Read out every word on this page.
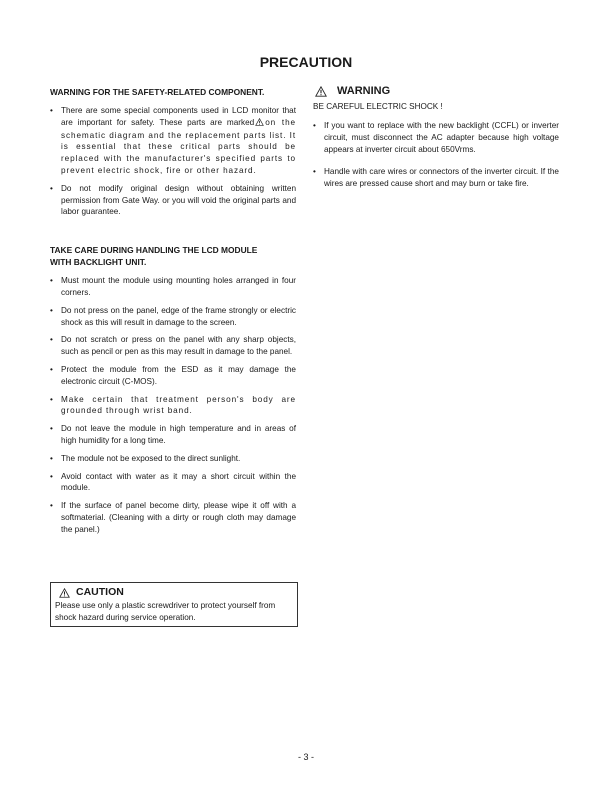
PRECAUTION

WARNING FOR THE SAFETY-RELATED COMPONENT.

• There are some special components used in LCD monitor that are important for safety. These parts are marked on the schematic diagram and the replacement parts list. It is essential that these critical parts should be replaced with the manufacturer's specified parts to prevent electric shock, fire or other hazard.
• Do not modify original design without obtaining written permission from Gate Way. or you will void the original parts and labor guarantee.

TAKE CARE DURING HANDLING THE LCD MODULE
WITH BACKLIGHT UNIT.

• Must mount the module using mounting holes arranged in four corners.
• Do not press on the panel, edge of the frame strongly or electric shock as this will result in damage to the screen.
• Do not scratch or press on the panel with any sharp objects, such as pencil or pen as this may result in damage to the panel.
• Protect the module from the ESD as it may damage the electronic circuit (C-MOS).
• Make certain that treatment person's body are grounded through wrist band.
• Do not leave the module in high temperature and in areas of high humidity for a long time.
• The module not be exposed to the direct sunlight.
• Avoid contact with water as it may a short circuit within the module.
• If the surface of panel become dirty, please wipe it off with a softmaterial. (Cleaning with a dirty or rough cloth may damage the panel.)
WARNING
BE CAREFUL ELECTRIC SHOCK !
• If you want to replace with the new backlight (CCFL) or inverter circuit, must disconnect the AC adapter because high voltage appears at inverter circuit about 650Vrms.
• Handle with care wires or connectors of the inverter circuit. If the wires are pressed cause short and may burn or take fire.
CAUTION
Please use only a plastic screwdriver to protect yourself from shock hazard during service operation.
- 3 -
